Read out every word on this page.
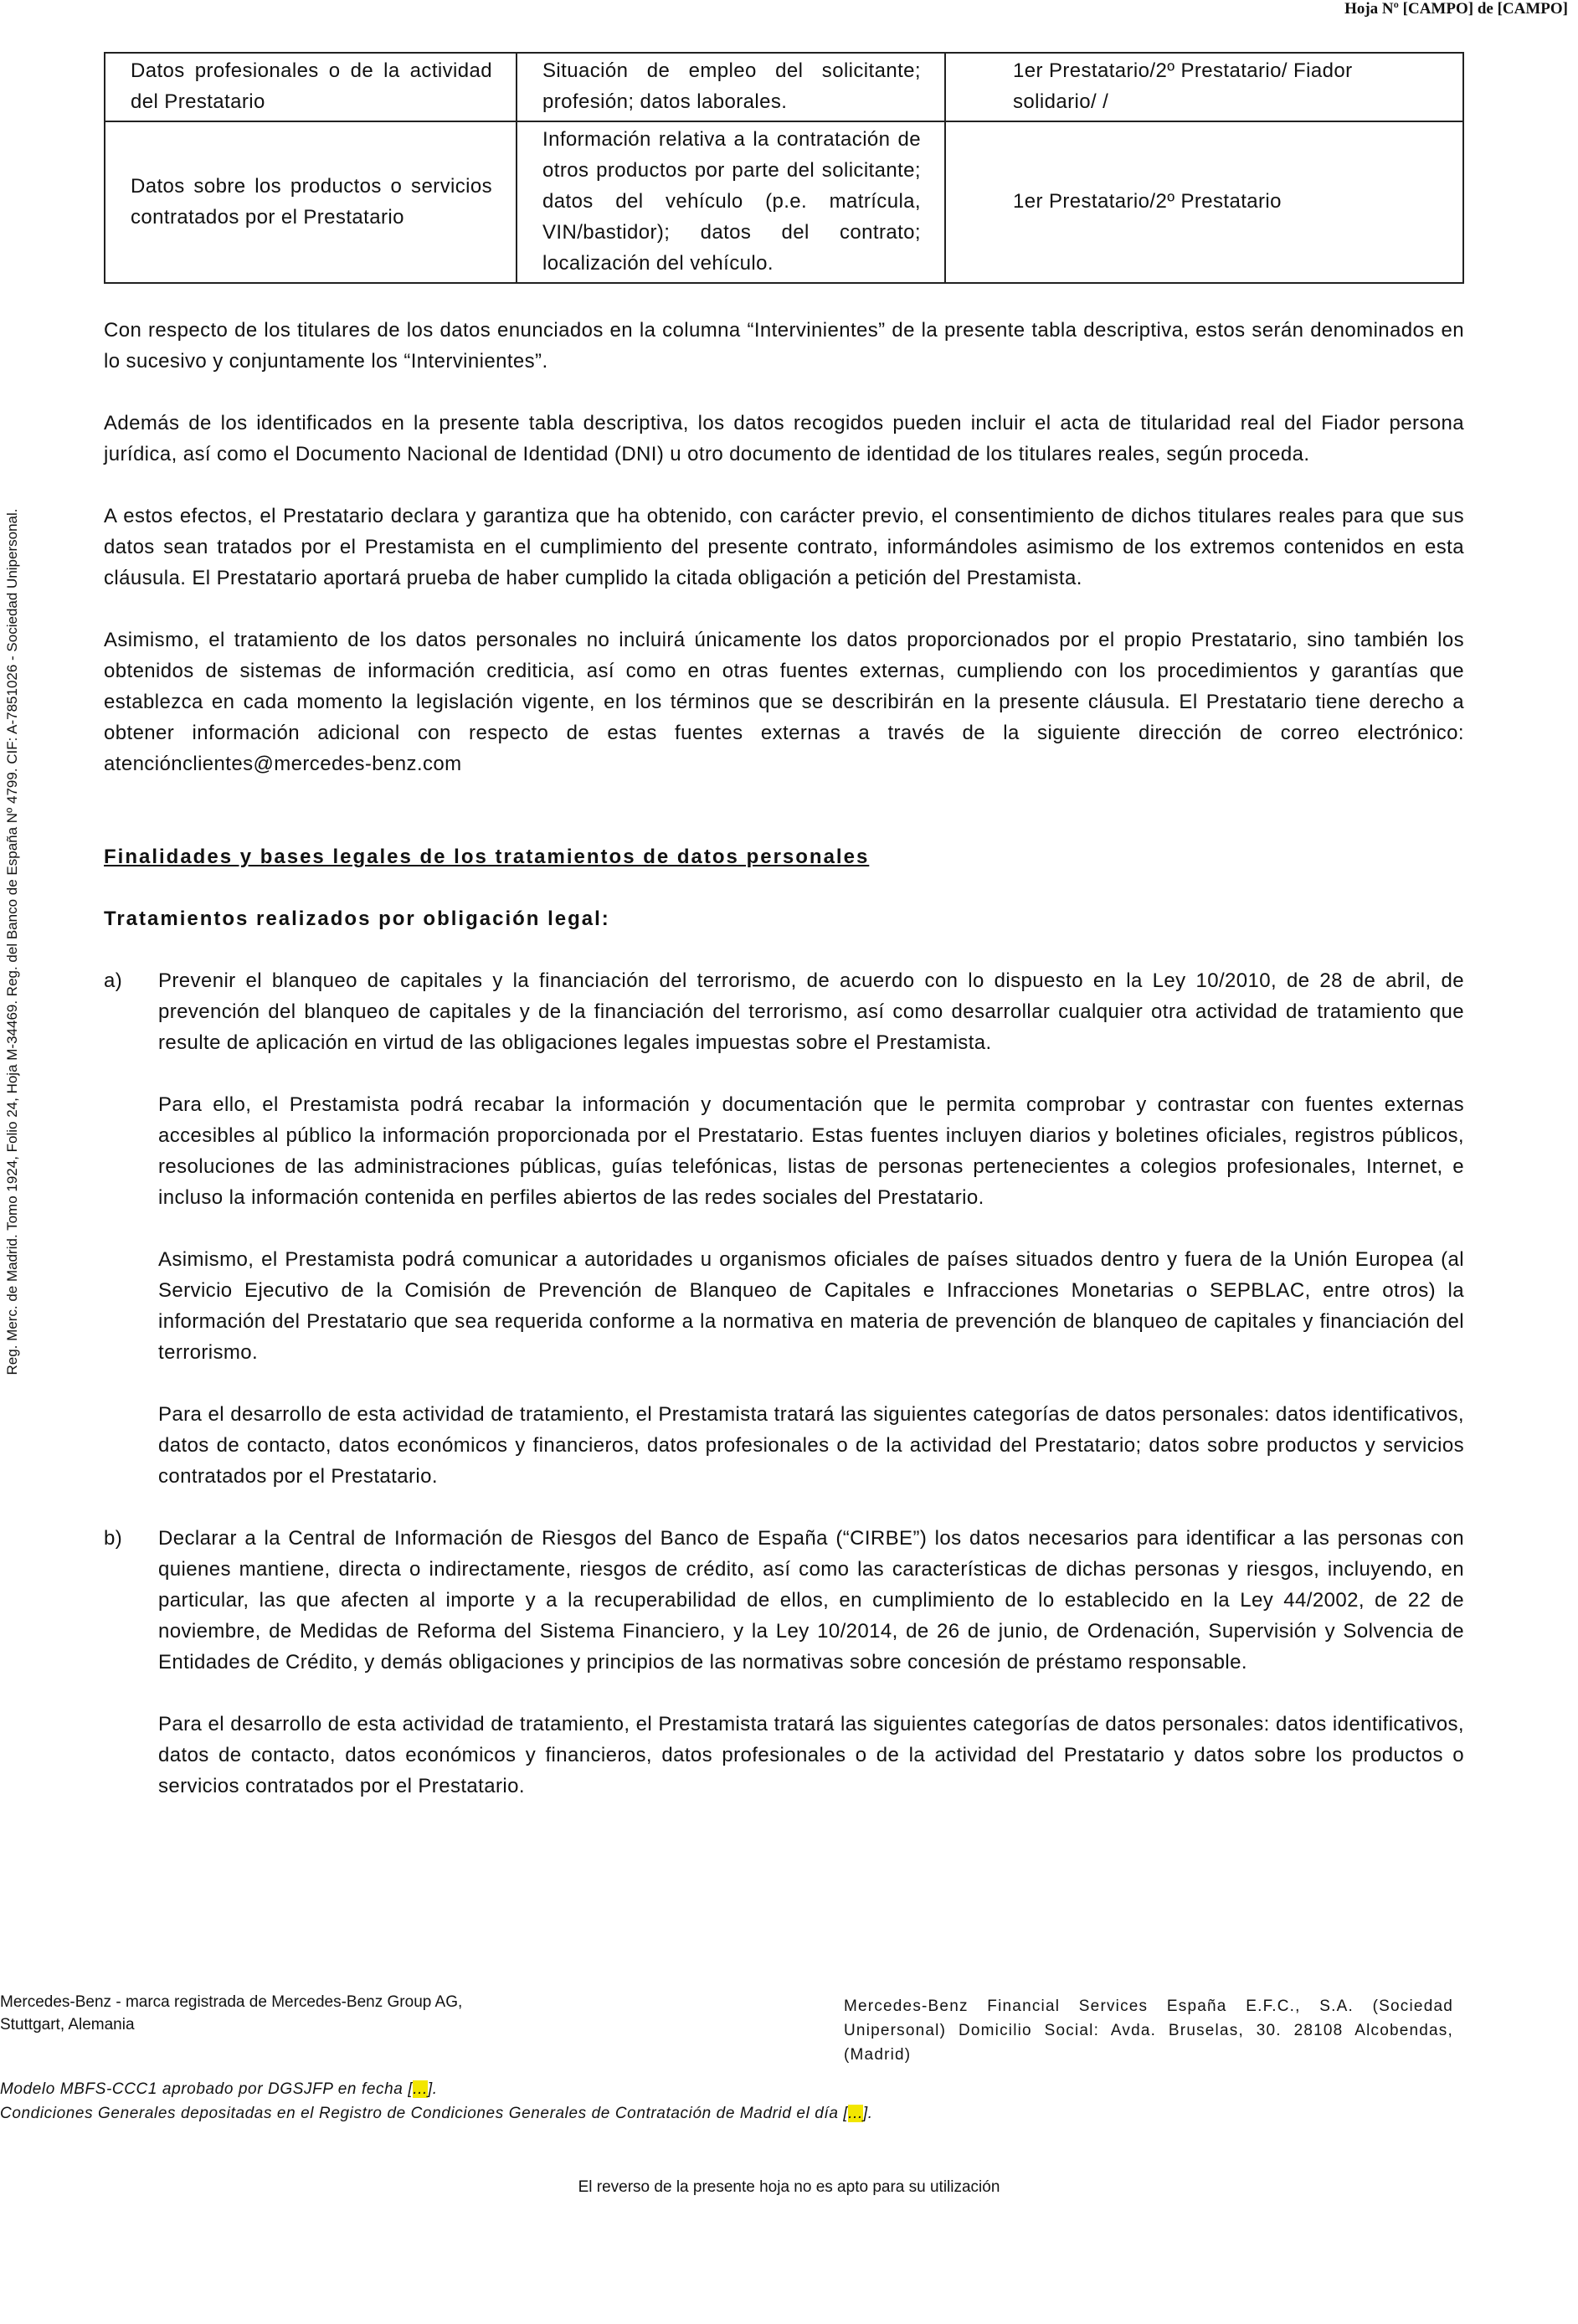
Hoja Nº [CAMPO] de [CAMPO]
Reg. Merc. de Madrid. Tomo 1924, Folio 24, Hoja M-34469. Reg. del Banco de España Nº 4799. CIF: A-7851026 - Sociedad Unipersonal.
Datos profesionales o de la actividad del Prestatario	Situación de empleo del solicitante; profesión; datos laborales.	1er Prestatario/2º Prestatario/ Fiador solidario/ /
Datos sobre los productos o servicios contratados por el Prestatario	Información relativa a la contratación de otros productos por parte del solicitante; datos del vehículo (p.e. matrícula, VIN/bastidor); datos del contrato; localización del vehículo.	1er Prestatario/2º Prestatario

Con respecto de los titulares de los datos enunciados en la columna “Intervinientes” de la presente tabla descriptiva, estos serán denominados en lo sucesivo y conjuntamente los “Intervinientes”.

Además de los identificados en la presente tabla descriptiva, los datos recogidos pueden incluir el acta de titularidad real del Fiador persona jurídica, así como el Documento Nacional de Identidad (DNI) u otro documento de identidad de los titulares reales, según proceda.

A estos efectos, el Prestatario declara y garantiza que ha obtenido, con carácter previo, el consentimiento de dichos titulares reales para que sus datos sean tratados por el Prestamista en el cumplimiento del presente contrato, informándoles asimismo de los extremos contenidos en esta cláusula. El Prestatario aportará prueba de haber cumplido la citada obligación a petición del Prestamista.

Asimismo, el tratamiento de los datos personales no incluirá únicamente los datos proporcionados por el propio Prestatario, sino también los obtenidos de sistemas de información crediticia, así como en otras fuentes externas, cumpliendo con los procedimientos y garantías que establezca en cada momento la legislación vigente, en los términos que se describirán en la presente cláusula. El Prestatario tiene derecho a obtener información adicional con respecto de estas fuentes externas a través de la siguiente dirección de correo electrónico: atenciónclientes@mercedes-benz.com

Finalidades y bases legales de los tratamientos de datos personales
Tratamientos realizados por obligación legal:
a)	Prevenir el blanqueo de capitales y la financiación del terrorismo, de acuerdo con lo dispuesto en la Ley 10/2010, de 28 de abril, de prevención del blanqueo de capitales y de la financiación del terrorismo, así como desarrollar cualquier otra actividad de tratamiento que resulte de aplicación en virtud de las obligaciones legales impuestas sobre el Prestamista.

Para ello, el Prestamista podrá recabar la información y documentación que le permita comprobar y contrastar con fuentes externas accesibles al público la información proporcionada por el Prestatario. Estas fuentes incluyen diarios y boletines oficiales, registros públicos, resoluciones de las administraciones públicas, guías telefónicas, listas de personas pertenecientes a colegios profesionales, Internet, e incluso la información contenida en perfiles abiertos de las redes sociales del Prestatario.

Asimismo, el Prestamista podrá comunicar a autoridades u organismos oficiales de países situados dentro y fuera de la Unión Europea (al Servicio Ejecutivo de la Comisión de Prevención de Blanqueo de Capitales e Infracciones Monetarias o SEPBLAC, entre otros) la información del Prestatario que sea requerida conforme a la normativa en materia de prevención de blanqueo de capitales y financiación del terrorismo.

Para el desarrollo de esta actividad de tratamiento, el Prestamista tratará las siguientes categorías de datos personales: datos identificativos, datos de contacto, datos económicos y financieros, datos profesionales o de la actividad del Prestatario; datos sobre productos y servicios contratados por el Prestatario.

b)	Declarar a la Central de Información de Riesgos del Banco de España (“CIRBE”) los datos necesarios para identificar a las personas con quienes mantiene, directa o indirectamente, riesgos de crédito, así como las características de dichas personas y riesgos, incluyendo, en particular, las que afecten al importe y a la recuperabilidad de ellos, en cumplimiento de lo establecido en la Ley 44/2002, de 22 de noviembre, de Medidas de Reforma del Sistema Financiero, y la Ley 10/2014, de 26 de junio, de Ordenación, Supervisión y Solvencia de Entidades de Crédito, y demás obligaciones y principios de las normativas sobre concesión de préstamo responsable.

Para el desarrollo de esta actividad de tratamiento, el Prestamista tratará las siguientes categorías de datos personales: datos identificativos, datos de contacto, datos económicos y financieros, datos profesionales o de la actividad del Prestatario y datos sobre los productos o servicios contratados por el Prestatario.

Mercedes-Benz - marca registrada de Mercedes-Benz Group AG,
Stuttgart, Alemania
Mercedes-Benz Financial Services España E.F.C., S.A. (Sociedad Unipersonal) Domicilio Social: Avda. Bruselas, 30. 28108 Alcobendas, (Madrid)
Modelo MBFS-CCC1 aprobado por DGSJFP en fecha [...].
Condiciones Generales depositadas en el Registro de Condiciones Generales de Contratación de Madrid el día [...].
El reverso de la presente hoja no es apto para su utilización
